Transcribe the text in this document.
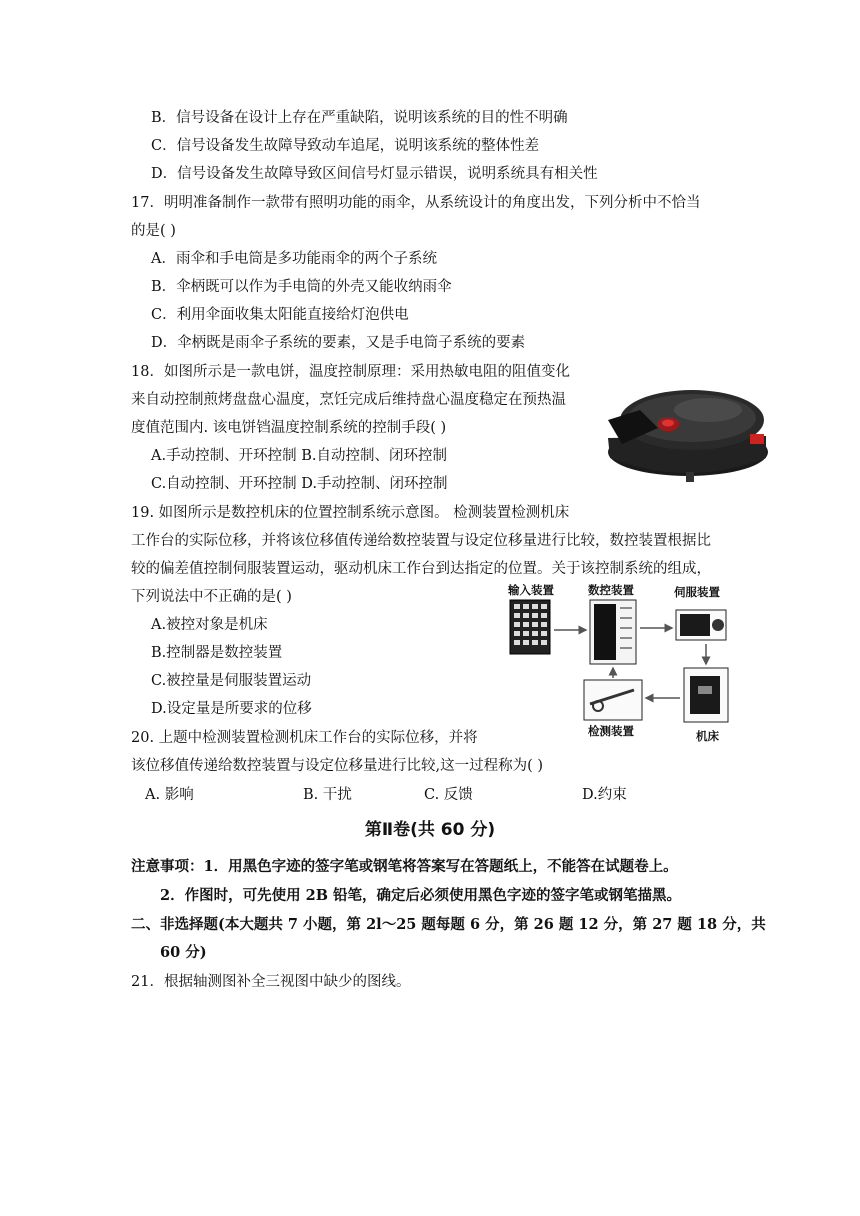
B．信号设备在设计上存在严重缺陷，说明该系统的目的性不明确
C．信号设备发生故障导致动车追尾，说明该系统的整体性差
D．信号设备发生故障导致区间信号灯显示错误，说明系统具有相关性
17．明明准备制作一款带有照明功能的雨伞，从系统设计的角度出发，下列分析中不恰当
的是( )
A．雨伞和手电筒是多功能雨伞的两个子系统
B．伞柄既可以作为手电筒的外壳又能收纳雨伞
C．利用伞面收集太阳能直接给灯泡供电
D．伞柄既是雨伞子系统的要素，又是手电筒子系统的要素
18．如图所示是一款电饼，温度控制原理：采用热敏电阻的阻值变化
来自动控制煎烤盘盘心温度，烹饪完成后维持盘心温度稳定在预热温
度值范围内. 该电饼铛温度控制系统的控制手段( )
A.手动控制、开环控制 B.自动控制、闭环控制
C.自动控制、开环控制 D.手动控制、闭环控制
19. 如图所示是数控机床的位置控制系统示意图。 检测装置检测机床
工作台的实际位移，并将该位移值传递给数控装置与设定位移量进行比较，数控装置根据比
较的偏差值控制伺服装置运动，驱动机床工作台到达指定的位置。关于该控制系统的组成，
下列说法中不正确的是( )
A.被控对象是机床
B.控制器是数控装置
C.被控量是伺服装置运动
D.设定量是所要求的位移
输入装置	数控装置	伺服装置
检测装置	机床
20. 上题中检测装置检测机床工作台的实际位移，并将
该位移值传递给数控装置与设定位移量进行比较,这一过程称为( )
A. 影响	B. 干扰	C. 反馈	D.约束
第Ⅱ卷(共 60 分)
注意事项：1．用黑色字迹的签字笔或钢笔将答案写在答题纸上，不能答在试题卷上。
2．作图时，可先使用 2B 铅笔，确定后必须使用黑色字迹的签字笔或钢笔描黑。
二、非选择题(本大题共 7 小题，第 2l～25 题每题 6 分，第 26 题 12 分，第 27 题 18 分，共
60 分)
21．根据轴测图补全三视图中缺少的图线。
